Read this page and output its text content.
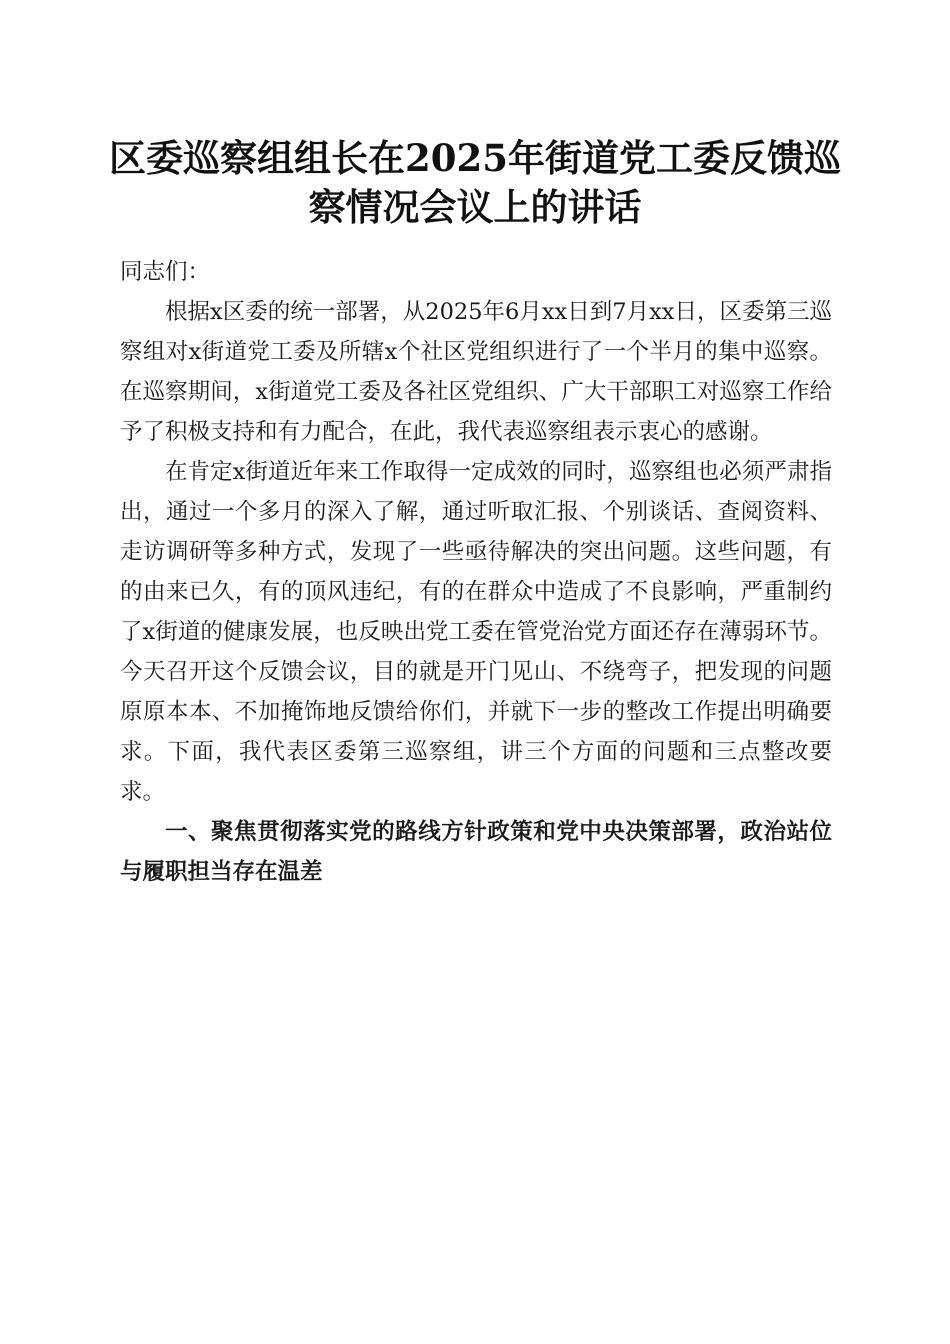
区委巡察组组长在2025年街道党工委反馈巡
察情况会议上的讲话

同志们：

根据x区委的统一部署，从2025年6月xx日到7月xx日，区委第三巡察组对x街道党工委及所辖x个社区党组织进行了一个半月的集中巡察。在巡察期间，x街道党工委及各社区党组织、广大干部职工对巡察工作给予了积极支持和有力配合，在此，我代表巡察组表示衷心的感谢。

在肯定x街道近年来工作取得一定成效的同时，巡察组也必须严肃指出，通过一个多月的深入了解，通过听取汇报、个别谈话、查阅资料、走访调研等多种方式，发现了一些亟待解决的突出问题。这些问题，有的由来已久，有的顶风违纪，有的在群众中造成了不良影响，严重制约了x街道的健康发展，也反映出党工委在管党治党方面还存在薄弱环节。今天召开这个反馈会议，目的就是开门见山、不绕弯子，把发现的问题原原本本、不加掩饰地反馈给你们，并就下一步的整改工作提出明确要求。下面，我代表区委第三巡察组，讲三个方面的问题和三点整改要求。

一、聚焦贯彻落实党的路线方针政策和党中央决策部署，政治站位与履职担当存在温差
